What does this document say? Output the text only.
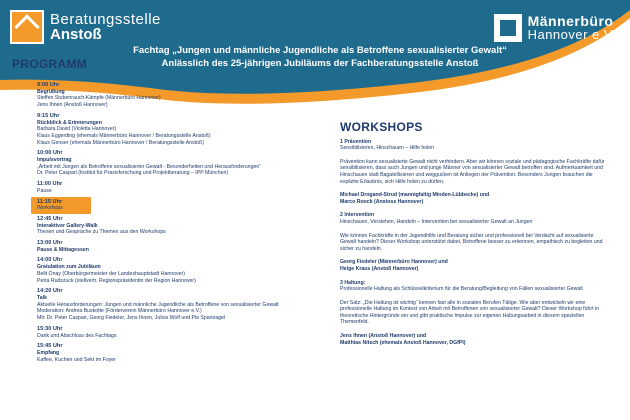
Beratungsstelle
Anstoß
Männerbüro
Hannover e.V.
Fachtag „Jungen und männliche Jugendliche als Betroffene sexualisierter Gewalt“
Anlässlich des 25-jährigen Jubiläums der Fachberatungsstelle Anstoß
PROGRAMM
9:00 Uhr
Begrüßung
Steffen Stubenrauch-Kämpfe (Männerbüro Hannover)
Jens Ihnen (Anstoß Hannover)
9:15 Uhr
Rückblick & Erinnerungen
Barbara David (Violetta Hannover)
Klaus Eggerding (ehemals Männerbüro Hannover / Beratungsstelle Anstoß)
Klaus Genser (ehemals Männerbüro Hannover / Beratungsstelle Anstoß)
10:00 Uhr
Impulsvortrag
„Arbeit mit Jungen als Betroffene sexualisierter Gewalt - Besonderheiten und Herausforderungen“
Dr. Peter Caspari (Institut für Praxisforschung und Projektberatung – IPP München)
11:00 Uhr
Pause
11:15 Uhr
Workshops
12:45 Uhr
Interaktiver Gallery-Walk
Thesen und Gespräche zu Themen aus den Workshops
13:00 Uhr
Pause & Mittagessen
14:00 Uhr
Gratulation zum Jubiläum
Belit Onay (Oberbürgermeister der Landeshauptstadt Hannover)
Petra Rudszuck (stellvertr. Regionspräsidentin der Region Hannover)
14:20 Uhr
Talk
Aktuelle Herausforderungen: Jungen und männliche Jugendliche als Betroffene von sexualisierter Gewalt
Moderation: Andrea Buskotte (Förderverein Männerbüro Hannover e.V.)
Mit: Dr. Peter Caspari, Georg Fiedeler, Jens Ihnen, Julius Wolf und Pia Spannagel
15:30 Uhr
Dank und Abschluss des Fachtags
15:45 Uhr
Empfang
Kaffee, Kuchen und Sekt im Foyer
WORKSHOPS
1 Prävention
Sensibilisieren, Hinschauen – Hilfe holen
Prävention kann sexualisierte Gewalt nicht verhindern. Aber wir können soziale und pädagogische Fachkräfte dafür sensibilisieren, dass auch Jungen und junge Männer von sexualisierter Gewalt betroffen sind. Aufmerksamkeit und Hinschauen statt Bagatellisieren und weggucken ist Anliegen der Prävention. Besonders Jungen brauchen die explizite Erlaubnis, sich Hilfe holen zu dürfen.
Michael Drogand-Strud (mannigfaltig Minden-Lübbecke) und
Marco Roock (Anstoss Hannover)
2 Intervention
Hinschauen, Verstehen, Handeln – Intervention bei sexualisierter Gewalt an Jungen
Wie können Fachkräfte in der Jugendhilfe und Beratung sicher und professionell bei Verdacht auf sexualisierte Gewalt handeln? Dieser Workshop unterstützt dabei, Betroffene besser zu erkennen, empathisch zu begleiten und sicher zu handeln.
Georg Fiedeler (Männerbüro Hannover) und
Helge Kraus (Anstoß Hannover)
3 Haltung:
Professionelle Haltung als Schlüsselkriterium für die Beratung/Begleitung von Fällen sexualisierter Gewalt
Der Satz: „Die Haltung ist wichtig“ kennen fast alle in sozialen Berufen Tätige. Wie aber entwickeln wir eine professionelle Haltung im Kontext von Arbeit mit Betroffenen von sexualisierter Gewalt? Dieser Workshop führt in theoretische Hintergründe ein und gibt praktische Impulse zur eigenen Haltungsarbeit in diesem speziellen Themenfeld.
Jens Ihnen (Anstoß Hannover) und
Matthias Nitsch (ehemals Anstoß Hannover, DGfPI)
